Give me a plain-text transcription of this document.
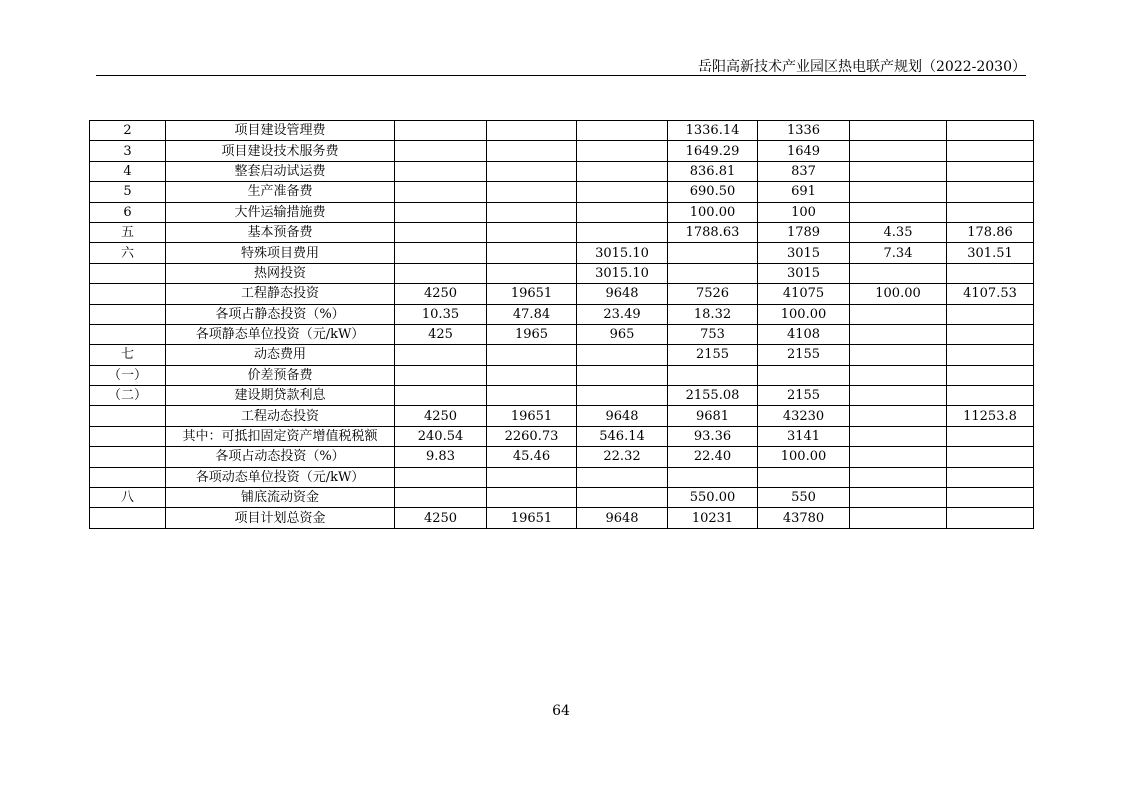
岳阳高新技术产业园区热电联产规划（2022-2030）
2	项目建设管理费				1336.14	1336		
3	项目建设技术服务费				1649.29	1649		
4	整套启动试运费				836.81	837		
5	生产准备费				690.50	691		
6	大件运输措施费				100.00	100		
五	基本预备费				1788.63	1789	4.35	178.86
六	特殊项目费用			3015.10		3015	7.34	301.51
	热网投资			3015.10		3015		
	工程静态投资	4250	19651	9648	7526	41075	100.00	4107.53
	各项占静态投资（%）	10.35	47.84	23.49	18.32	100.00		
	各项静态单位投资（元/kW）	425	1965	965	753	4108		
七	动态费用				2155	2155		
（一）	价差预备费							
（二）	建设期贷款利息				2155.08	2155		
	工程动态投资	4250	19651	9648	9681	43230		11253.8
	其中：可抵扣固定资产增值税税额	240.54	2260.73	546.14	93.36	3141		
	各项占动态投资（%）	9.83	45.46	22.32	22.40	100.00		
	各项动态单位投资（元/kW）							
八	铺底流动资金				550.00	550		
	项目计划总资金	4250	19651	9648	10231	43780		
64
